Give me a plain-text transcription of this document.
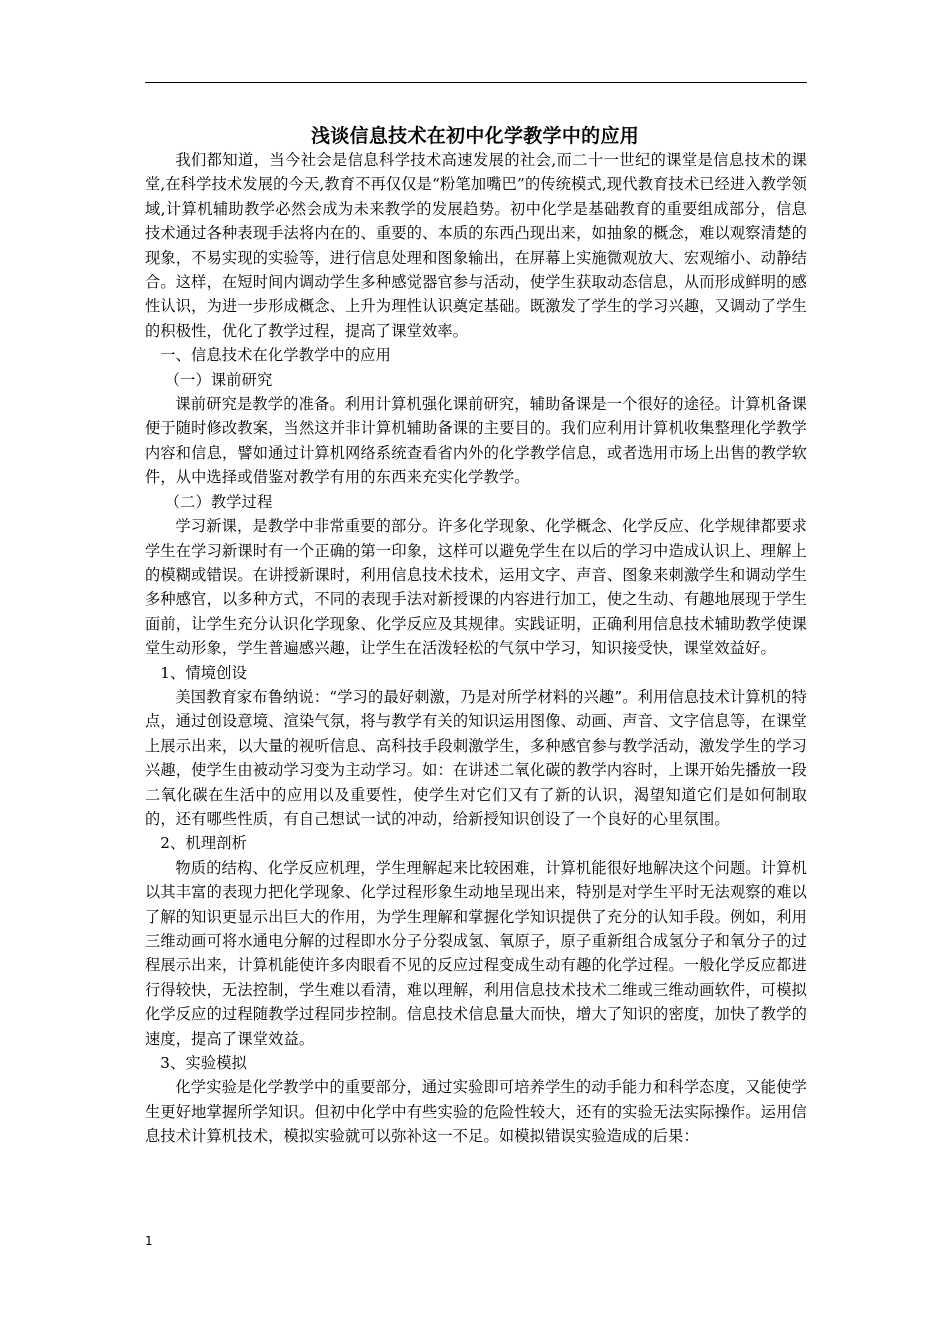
浅谈信息技术在初中化学教学中的应用

我们都知道，当今社会是信息科学技术高速发展的社会,而二十一世纪的课堂是信息技术的课堂,在科学技术发展的今天,教育不再仅仅是“粉笔加嘴巴”的传统模式,现代教育技术已经进入教学领域,计算机辅助教学必然会成为未来教学的发展趋势。初中化学是基础教育的重要组成部分，信息技术通过各种表现手法将内在的、重要的、本质的东西凸现出来，如抽象的概念，难以观察清楚的现象，不易实现的实验等，进行信息处理和图象输出，在屏幕上实施微观放大、宏观缩小、动静结合。这样，在短时间内调动学生多种感觉器官参与活动，使学生获取动态信息，从而形成鲜明的感性认识，为进一步形成概念、上升为理性认识奠定基础。既激发了学生的学习兴趣，又调动了学生的积极性，优化了教学过程，提高了课堂效率。

一、信息技术在化学教学中的应用

（一）课前研究

课前研究是教学的准备。利用计算机强化课前研究，辅助备课是一个很好的途径。计算机备课便于随时修改教案，当然这并非计算机辅助备课的主要目的。我们应利用计算机收集整理化学教学内容和信息，譬如通过计算机网络系统查看省内外的化学教学信息，或者选用市场上出售的教学软件，从中选择或借鉴对教学有用的东西来充实化学教学。

（二）教学过程

学习新课，是教学中非常重要的部分。许多化学现象、化学概念、化学反应、化学规律都要求学生在学习新课时有一个正确的第一印象，这样可以避免学生在以后的学习中造成认识上、理解上的模糊或错误。在讲授新课时，利用信息技术技术，运用文字、声音、图象来刺激学生和调动学生多种感官，以多种方式，不同的表现手法对新授课的内容进行加工，使之生动、有趣地展现于学生面前，让学生充分认识化学现象、化学反应及其规律。实践证明，正确利用信息技术辅助教学使课堂生动形象，学生普遍感兴趣，让学生在活泼轻松的气氛中学习，知识接受快，课堂效益好。

1、情境创设

美国教育家布鲁纳说：“学习的最好刺激，乃是对所学材料的兴趣”。利用信息技术计算机的特点，通过创设意境、渲染气氛，将与教学有关的知识运用图像、动画、声音、文字信息等，在课堂上展示出来，以大量的视听信息、高科技手段刺激学生，多种感官参与教学活动，激发学生的学习兴趣，使学生由被动学习变为主动学习。如：在讲述二氧化碳的教学内容时，上课开始先播放一段二氧化碳在生活中的应用以及重要性，使学生对它们又有了新的认识，渴望知道它们是如何制取的，还有哪些性质，有自己想试一试的冲动，给新授知识创设了一个良好的心里氛围。

2、机理剖析

物质的结构、化学反应机理，学生理解起来比较困难，计算机能很好地解决这个问题。计算机以其丰富的表现力把化学现象、化学过程形象生动地呈现出来，特别是对学生平时无法观察的难以了解的知识更显示出巨大的作用，为学生理解和掌握化学知识提供了充分的认知手段。例如，利用三维动画可将水通电分解的过程即水分子分裂成氢、氧原子，原子重新组合成氢分子和氧分子的过程展示出来，计算机能使许多肉眼看不见的反应过程变成生动有趣的化学过程。一般化学反应都进行得较快，无法控制，学生难以看清，难以理解，利用信息技术技术二维或三维动画软件，可模拟化学反应的过程随教学过程同步控制。信息技术信息量大而快，增大了知识的密度，加快了教学的速度，提高了课堂效益。

3、实验模拟

化学实验是化学教学中的重要部分，通过实验即可培养学生的动手能力和科学态度，又能使学生更好地掌握所学知识。但初中化学中有些实验的危险性较大，还有的实验无法实际操作。运用信息技术计算机技术，模拟实验就可以弥补这一不足。如模拟错误实验造成的后果：

1
